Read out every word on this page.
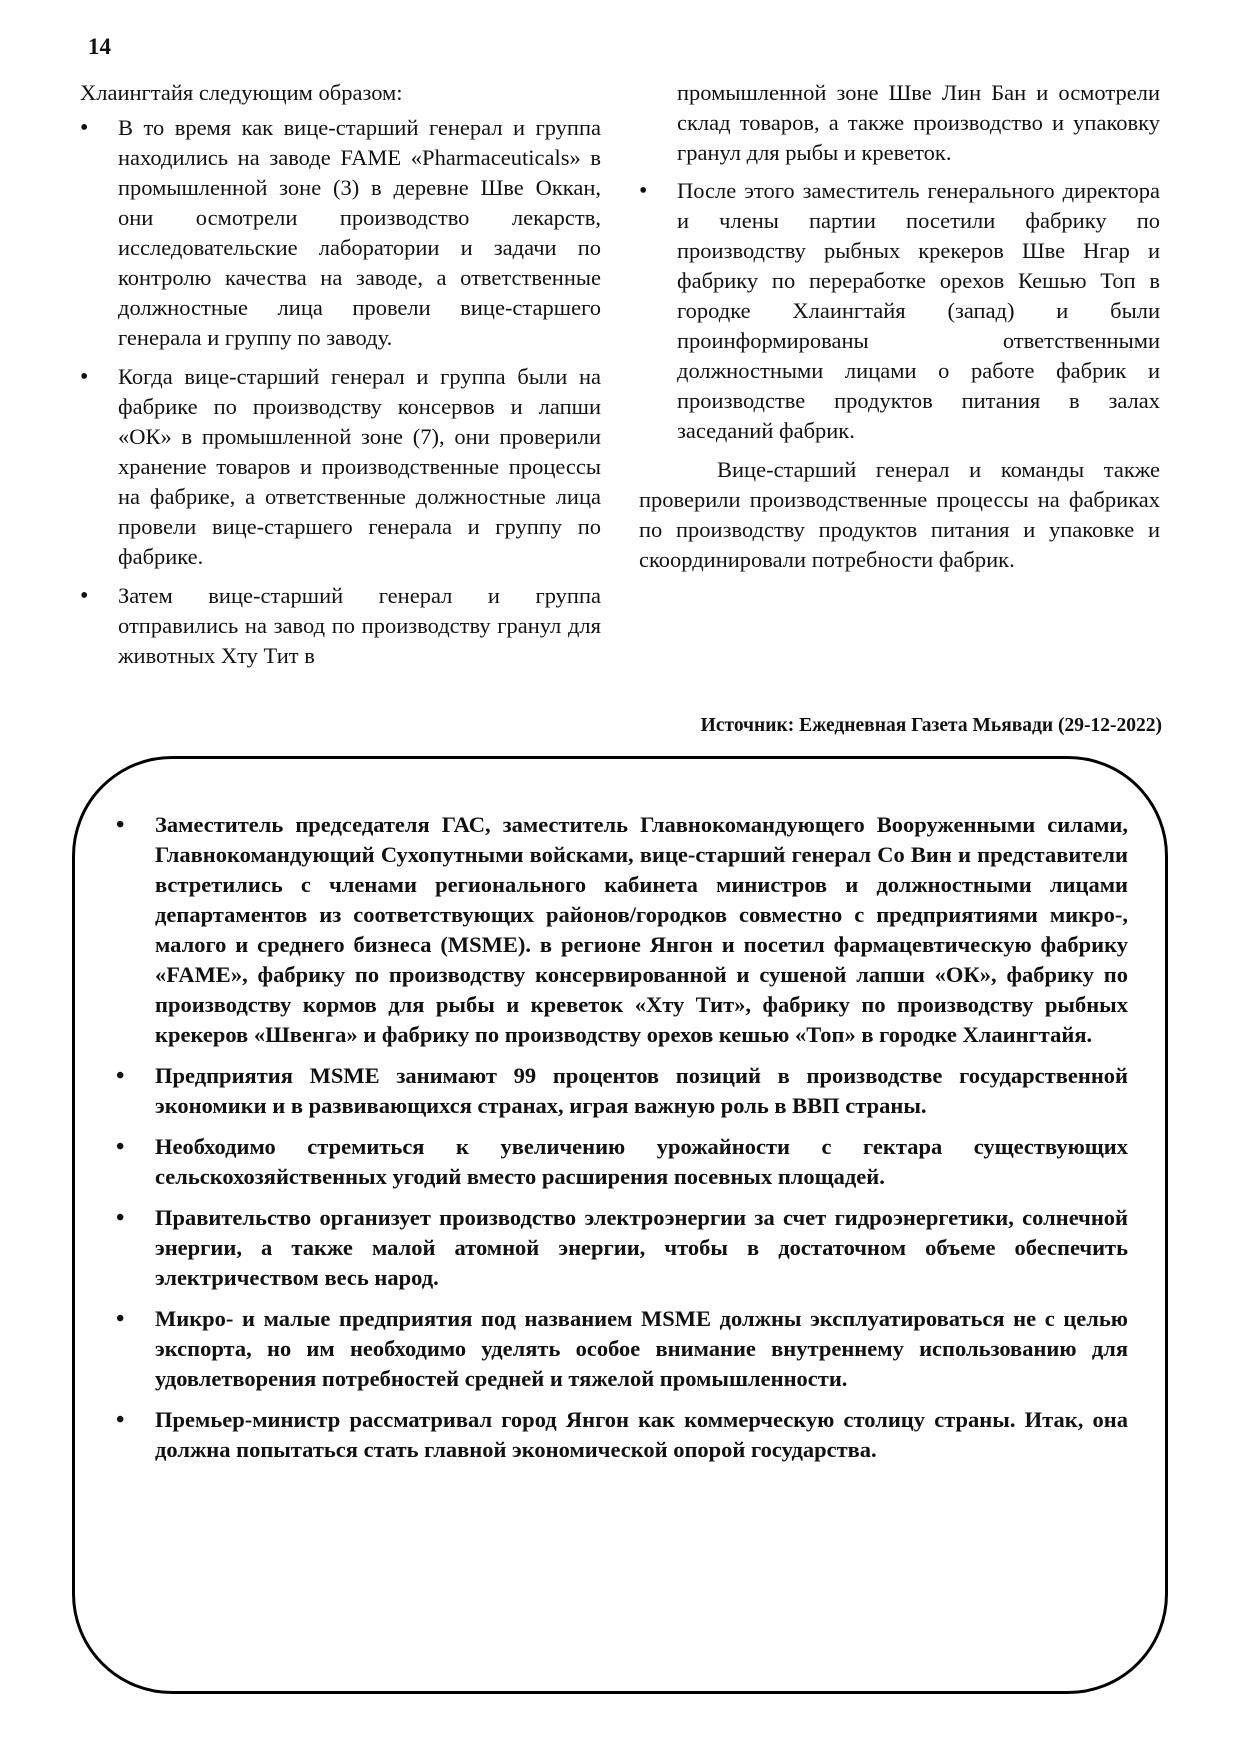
14

Хлаингтайя следующим образом:

• В то время как вице-старший генерал и группа находились на заводе FAME «Pharmaceuticals» в промышленной зоне (3) в деревне Шве Оккан, они осмотрели производство лекарств, исследовательские лаборатории и задачи по контролю качества на заводе, а ответственные должностные лица провели вице-старшего генерала и группу по заводу.
• Когда вице-старший генерал и группа были на фабрике по производству консервов и лапши «ОК» в промышленной зоне (7), они проверили хранение товаров и производственные процессы на фабрике, а ответственные должностные лица провели вице-старшего генерала и группу по фабрике.
• Затем вице-старший генерал и группа отправились на завод по производству гранул для животных Хту Тит в

промышленной зоне Шве Лин Бан и осмотрели склад товаров, а также производство и упаковку гранул для рыбы и креветок.

• После этого заместитель генерального директора и члены партии посетили фабрику по производству рыбных крекеров Шве Нгар и фабрику по переработке орехов Кешью Топ в городке Хлаингтайя (запад) и были проинформированы ответственными должностными лицами о работе фабрик и производстве продуктов питания в залах заседаний фабрик.

Вице-старший генерал и команды также проверили производственные процессы на фабриках по производству продуктов питания и упаковке и скоординировали потребности фабрик.

Источник: Ежедневная Газета Мьявади (29-12-2022)
• Заместитель председателя ГАС, заместитель Главнокомандующего Вооруженными силами, Главнокомандующий Сухопутными войсками, вице-старший генерал Со Вин и представители встретились с членами регионального кабинета министров и должностными лицами департаментов из соответствующих районов/городков совместно с предприятиями микро-, малого и среднего бизнеса (MSME). в регионе Янгон и посетил фармацевтическую фабрику «FAME», фабрику по производству консервированной и сушеной лапши «ОК», фабрику по производству кормов для рыбы и креветок «Хту Тит», фабрику по производству рыбных крекеров «Швенга» и фабрику по производству орехов кешью «Топ» в городке Хлаингтайя.
• Предприятия MSME занимают 99 процентов позиций в производстве государственной экономики и в развивающихся странах, играя важную роль в ВВП страны.
• Необходимо стремиться к увеличению урожайности с гектара существующих сельскохозяйственных угодий вместо расширения посевных площадей.
• Правительство организует производство электроэнергии за счет гидроэнергетики, солнечной энергии, а также малой атомной энергии, чтобы в достаточном объеме обеспечить электричеством весь народ.
• Микро- и малые предприятия под названием MSME должны эксплуатироваться не с целью экспорта, но им необходимо уделять особое внимание внутреннему использованию для удовлетворения потребностей средней и тяжелой промышленности.
• Премьер-министр рассматривал город Янгон как коммерческую столицу страны. Итак, она должна попытаться стать главной экономической опорой государства.
